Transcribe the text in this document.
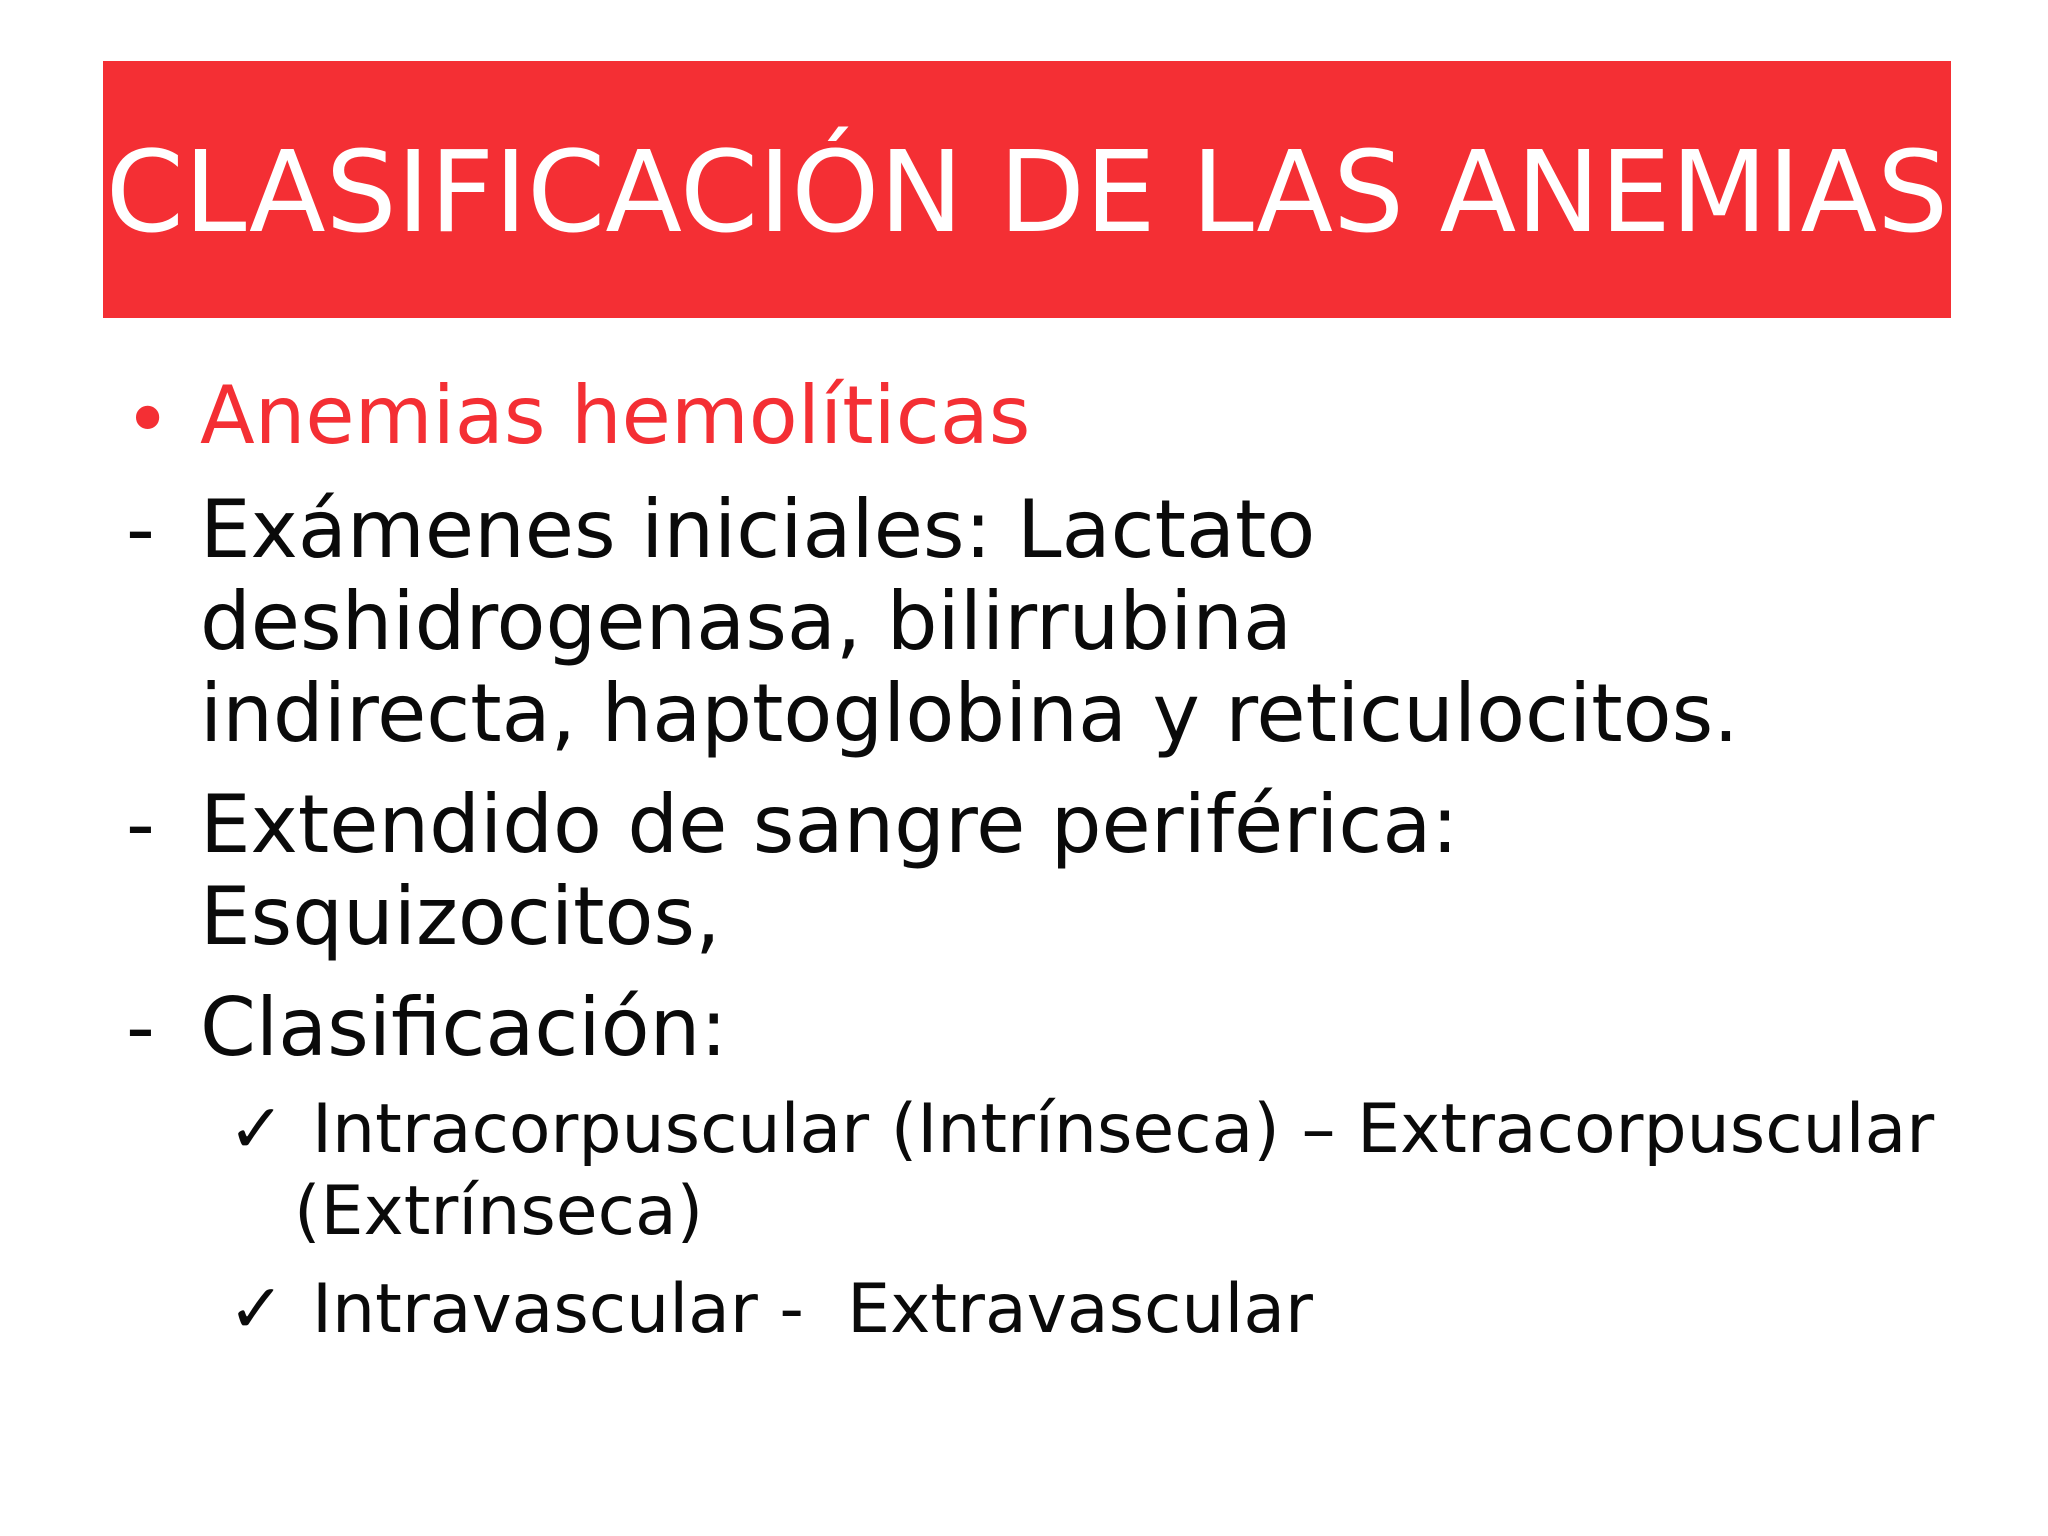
CLASIFICACIÓN DE LAS ANEMIAS
• Anemias hemolíticas
- Exámenes iniciales: Lactato
deshidrogenasa, bilirrubina
indirecta, haptoglobina y reticulocitos.
- Extendido de sangre periférica:
Esquizocitos,
- Clasificación:
✓ Intracorpuscular (Intrínseca) – Extracorpuscular
(Extrínseca)
✓ Intravascular -  Extravascular
